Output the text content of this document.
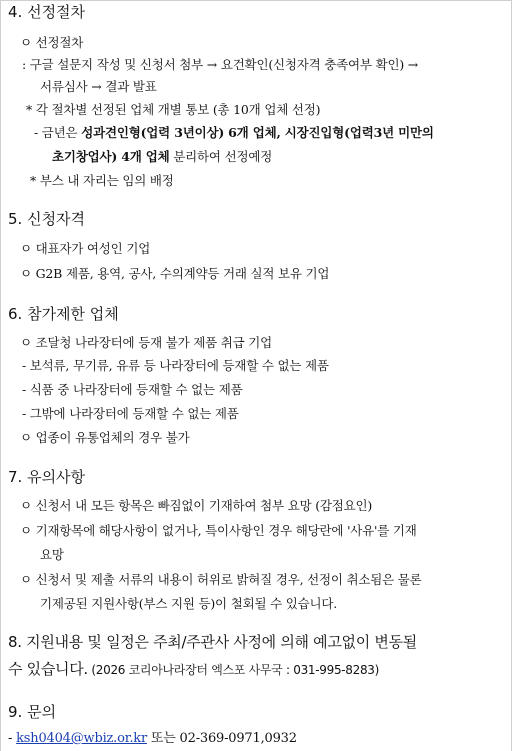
4. 선정절차
ㅇ 선정절차
: 구글 설문지 작성 및 신청서 첨부 → 요건확인(신청자격 충족여부 확인) →
서류심사 → 결과 발표
* 각 절차별 선정된 업체 개별 통보 (총 10개 업체 선정)
- 금년은 성과견인형(업력 3년이상) 6개 업체, 시장진입형(업력3년 미만의
초기창업사) 4개 업체 분리하여 선정예정
* 부스 내 자리는 임의 배정
5. 신청자격
ㅇ 대표자가 여성인 기업
ㅇ G2B 제품, 용역, 공사, 수의계약등 거래 실적 보유 기업
6. 참가제한 업체
ㅇ 조달청 나라장터에 등재 불가 제품 취급 기업
- 보석류, 무기류, 유류 등 나라장터에 등재할 수 없는 제품
- 식품 중 나라장터에 등재할 수 없는 제품
- 그밖에 나라장터에 등재할 수 없는 제품
ㅇ 업종이 유통업체의 경우 불가
7. 유의사항
ㅇ 신청서 내 모든 항목은 빠짐없이 기재하여 첨부 요망 (감점요인)
ㅇ 기재항목에 해당사항이 없거나, 특이사항인 경우 해당란에 '사유'를 기재
요망
ㅇ 신청서 및 제출 서류의 내용이 허위로 밝혀질 경우, 선정이 취소됨은 물론
기제공된 지원사항(부스 지원 등)이 철회될 수 있습니다.
8. 지원내용 및 일정은 주최/주관사 사정에 의해 예고없이 변동될
수 있습니다. (2026 코리아나라장터 엑스포 사무국 : 031-995-8283)
9. 문의
- ksh0404@wbiz.or.kr 또는 02-369-0971,0932
